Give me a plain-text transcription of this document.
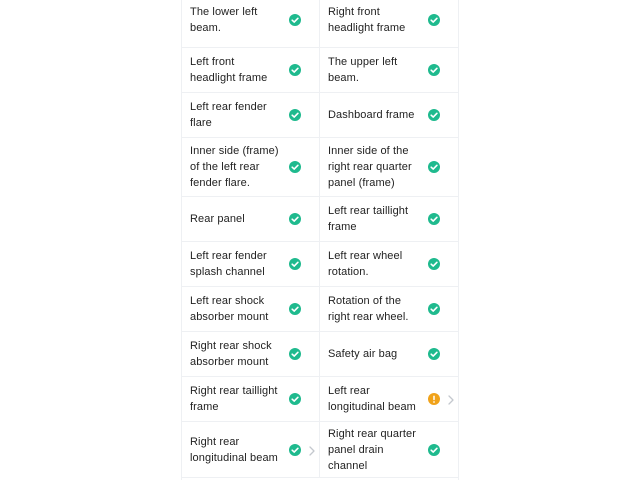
The lower left beam.
Right front headlight frame
Left front headlight frame
The upper left beam.
Left rear fender flare
Dashboard frame
Inner side (frame) of the left rear fender flare.
Inner side of the right rear quarter panel (frame)
Rear panel
Left rear taillight frame
Left rear fender splash channel
Left rear wheel rotation.
Left rear shock absorber mount
Rotation of the right rear wheel.
Right rear shock absorber mount
Safety air bag
Right rear taillight frame
Left rear longitudinal beam
Right rear longitudinal beam
Right rear quarter panel drain channel
